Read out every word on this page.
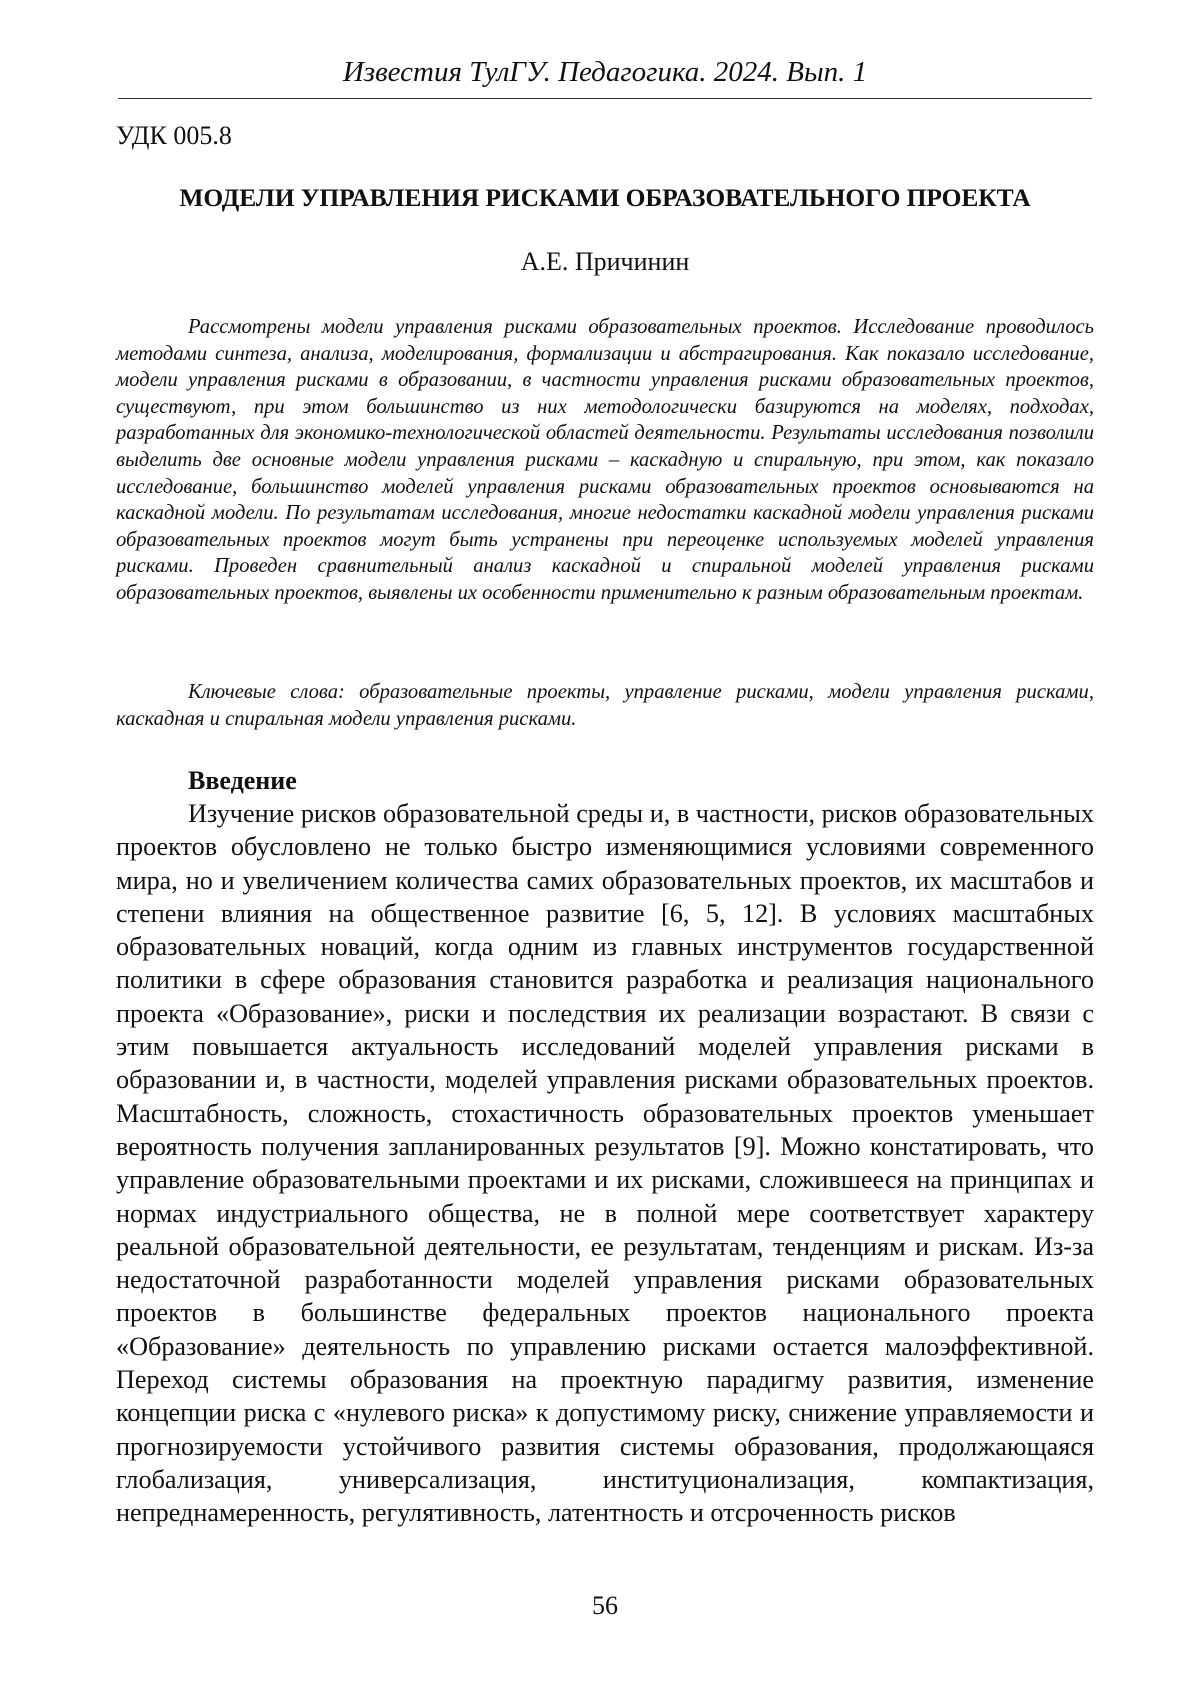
Известия ТулГУ. Педагогика. 2024. Вып. 1
УДК 005.8
МОДЕЛИ УПРАВЛЕНИЯ РИСКАМИ ОБРАЗОВАТЕЛЬНОГО ПРОЕКТА
А.Е. Причинин

Рассмотрены модели управления рисками образовательных проектов. Исследование проводилось методами синтеза, анализа, моделирования, формализации и абстрагирования. Как показало исследование, модели управления рисками в образовании, в частности управления рисками образовательных проектов, существуют, при этом большинство из них методологически базируются на моделях, подходах, разработанных для экономико-технологической областей деятельности. Результаты исследования позволили выделить две основные модели управления рисками – каскадную и спиральную, при этом, как показало исследование, большинство моделей управления рисками образовательных проектов основываются на каскадной модели. По результатам исследования, многие недостатки каскадной модели управления рисками образовательных проектов могут быть устранены при переоценке используемых моделей управления рисками. Проведен сравнительный анализ каскадной и спиральной моделей управления рисками образовательных проектов, выявлены их особенности применительно к разным образовательным проектам.

Ключевые слова: образовательные проекты, управление рисками, модели управления рисками, каскадная и спиральная модели управления рисками.

Введение

Изучение рисков образовательной среды и, в частности, рисков образовательных проектов обусловлено не только быстро изменяющимися условиями современного мира, но и увеличением количества самих образовательных проектов, их масштабов и степени влияния на общественное развитие [6, 5, 12]. В условиях масштабных образовательных новаций, когда одним из главных инструментов государственной политики в сфере образования становится разработка и реализация национального проекта «Образование», риски и последствия их реализации возрастают. В связи с этим повышается актуальность исследований моделей управления рисками в образовании и, в частности, моделей управления рисками образовательных проектов. Масштабность, сложность, стохастичность образовательных проектов уменьшает вероятность получения запланированных результатов [9]. Можно констатировать, что управление образовательными проектами и их рисками, сложившееся на принципах и нормах индустриального общества, не в полной мере соответствует характеру реальной образовательной деятельности, ее результатам, тенденциям и рискам. Из-за недостаточной разработанности моделей управления рисками образовательных проектов в большинстве федеральных проектов национального проекта «Образование» деятельность по управлению рисками остается малоэффективной. Переход системы образования на проектную парадигму развития, изменение концепции риска с «нулевого риска» к допустимому риску, снижение управляемости и прогнозируемости устойчивого развития системы образования, продолжающаяся глобализация, универсализация, институционализация, компактизация, непреднамеренность, регулятивность, латентность и отсроченность рисков

56
